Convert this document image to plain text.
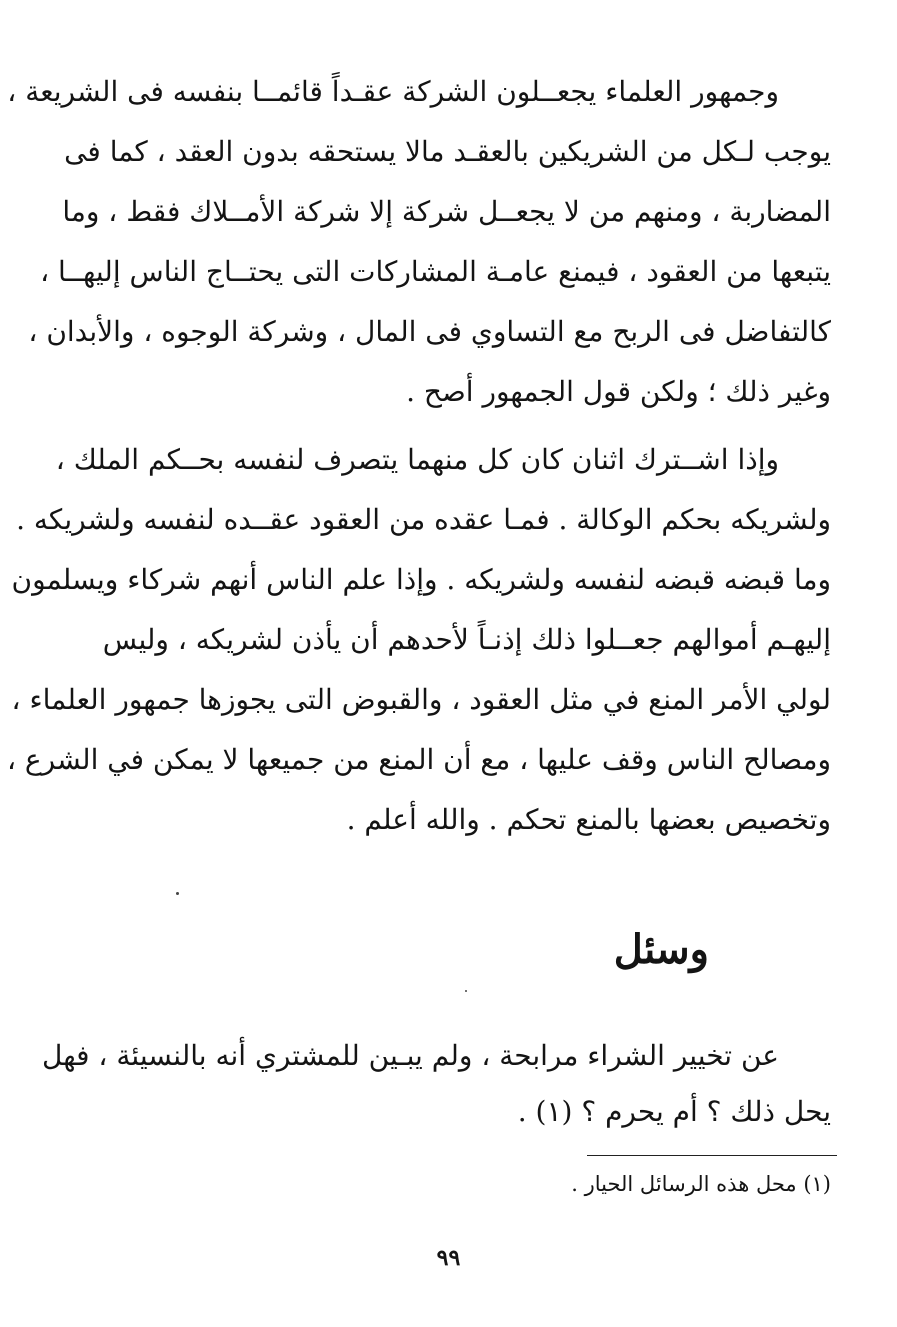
وجمهور العلماء يجعــلون الشركة عقـداً قائمــا بنفسه فى الشريعة ،
يوجب لـكل من الشريكين بالعقـد مالا يستحقه بدون العقد ، كما فى
المضاربة ، ومنهم من لا يجعــل شركة إلا شركة الأمــلاك فقط ، وما
يتبعها من العقود ، فيمنع عامـة المشاركات التى يحتــاج الناس إليهــا ،
كالتفاضل فى الربح مع التساوي فى المال ، وشركة الوجوه ، والأبدان ،
وغير ذلك ؛ ولكن قول الجمهور أصح .
وإذا اشــترك اثنان كان كل منهما يتصرف لنفسه بحــكم الملك ،
ولشريكه بحكم الوكالة . فمـا عقده من العقود عقــده لنفسه ولشريكه .
وما قبضه قبضه لنفسه ولشريكه . وإذا علم الناس أنهم شركاء ويسلمون
إليهـم أموالهم جعــلوا ذلك إذنـاً لأحدهم أن يأذن لشريكه ، وليس
لولي الأمر المنع في مثل العقود ، والقبوض التى يجوزها جمهور العلماء ،
ومصالح الناس وقف عليها ، مع أن المنع من جميعها لا يمكن في الشرع ،
وتخصيص بعضها بالمنع تحكم . والله أعلم .
وسئل
عن تخيير الشراء مرابحة ، ولم يبـين للمشتري أنه بالنسيئة ، فهل
يحل ذلك ؟ أم يحرم ؟ (١) .
(١) محل هذه الرسائل الحيار .
٩٩
